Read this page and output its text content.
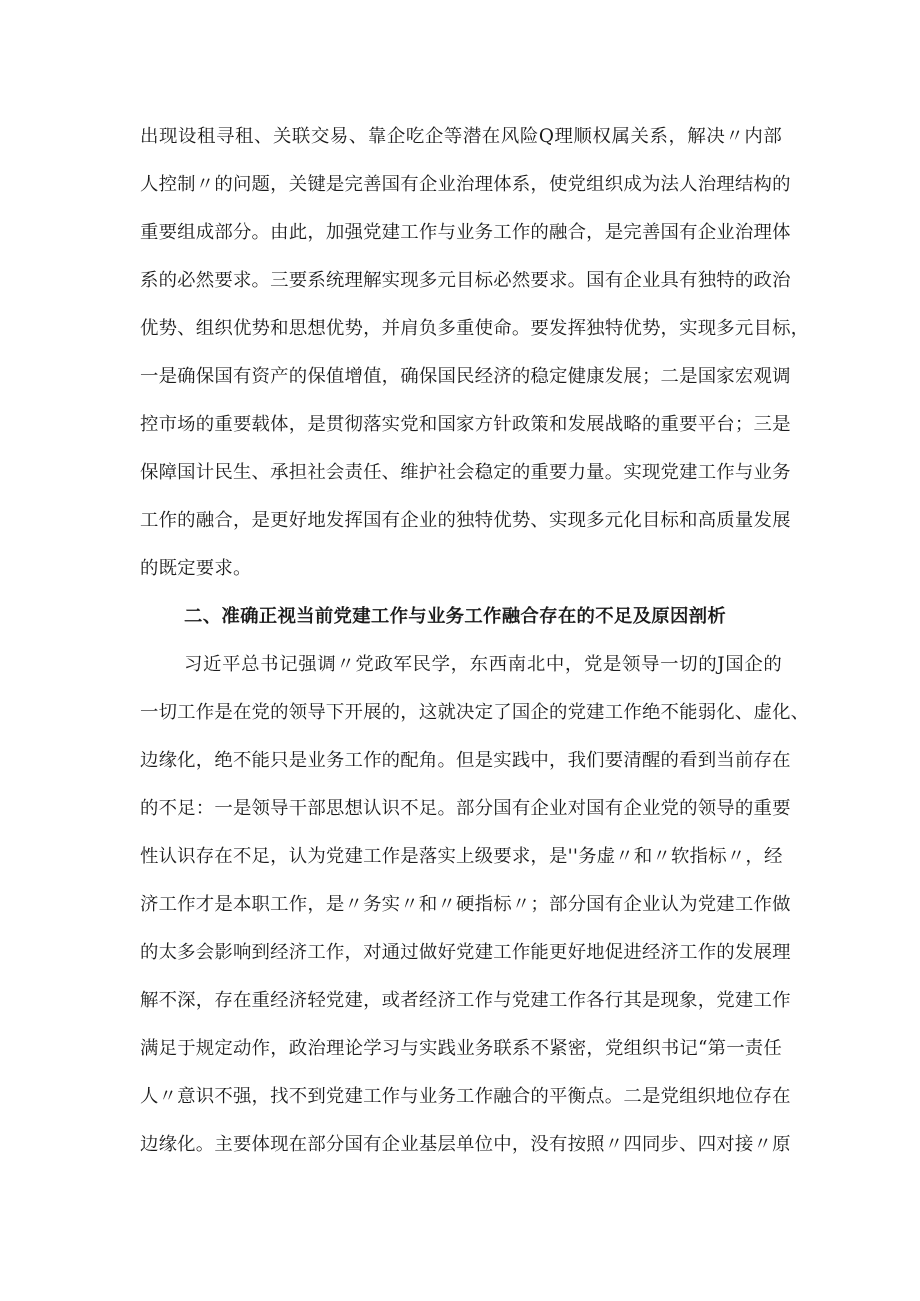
出现设租寻租、关联交易、靠企吃企等潜在风险Q理顺权属关系，解决〃内部
人控制〃的问题，关键是完善国有企业治理体系，使党组织成为法人治理结构的
重要组成部分。由此，加强党建工作与业务工作的融合，是完善国有企业治理体
系的必然要求。三要系统理解实现多元目标必然要求。国有企业具有独特的政治
优势、组织优势和思想优势，并肩负多重使命。要发挥独特优势，实现多元目标，
一是确保国有资产的保值增值，确保国民经济的稳定健康发展；二是国家宏观调
控市场的重要载体，是贯彻落实党和国家方针政策和发展战略的重要平台；三是
保障国计民生、承担社会责任、维护社会稳定的重要力量。实现党建工作与业务
工作的融合，是更好地发挥国有企业的独特优势、实现多元化目标和高质量发展
的既定要求。
二、准确正视当前党建工作与业务工作融合存在的不足及原因剖析
习近平总书记强调〃党政军民学，东西南北中，党是领导一切的J国企的
一切工作是在党的领导下开展的，这就决定了国企的党建工作绝不能弱化、虚化、
边缘化，绝不能只是业务工作的配角。但是实践中，我们要清醒的看到当前存在
的不足：一是领导干部思想认识不足。部分国有企业对国有企业党的领导的重要
性认识存在不足，认为党建工作是落实上级要求，是''务虚〃和〃软指标〃，经
济工作才是本职工作，是〃务实〃和〃硬指标〃；部分国有企业认为党建工作做
的太多会影响到经济工作，对通过做好党建工作能更好地促进经济工作的发展理
解不深，存在重经济轻党建，或者经济工作与党建工作各行其是现象，党建工作
满足于规定动作，政治理论学习与实践业务联系不紧密，党组织书记“第一责任
人〃意识不强，找不到党建工作与业务工作融合的平衡点。二是党组织地位存在
边缘化。主要体现在部分国有企业基层单位中，没有按照〃四同步、四对接〃原
